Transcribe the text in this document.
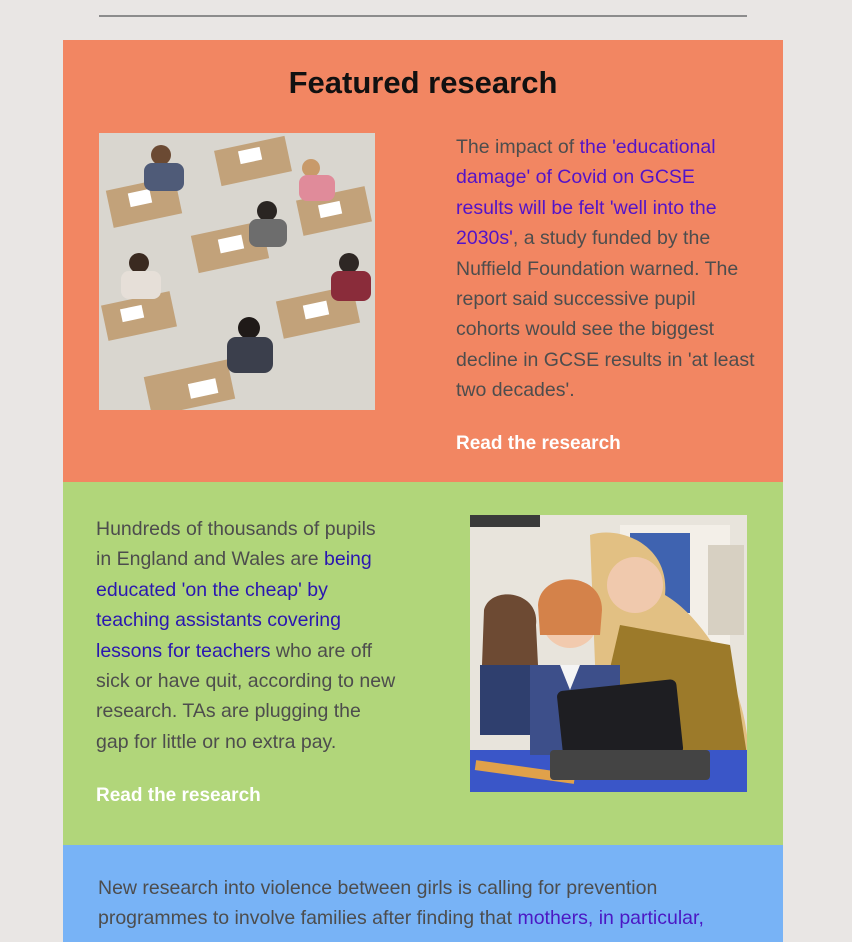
Featured research

The impact of the 'educational damage' of Covid on GCSE results will be felt 'well into the 2030s', a study funded by the Nuffield Foundation warned. The report said successive pupil cohorts would see the biggest decline in GCSE results in 'at least two decades'.

Read the research

Hundreds of thousands of pupils in England and Wales are being educated 'on the cheap' by teaching assistants covering lessons for teachers who are off sick or have quit, according to new research. TAs are plugging the gap for little or no extra pay.

Read the research

New research into violence between girls is calling for prevention programmes to involve families after finding that mothers, in particular,
